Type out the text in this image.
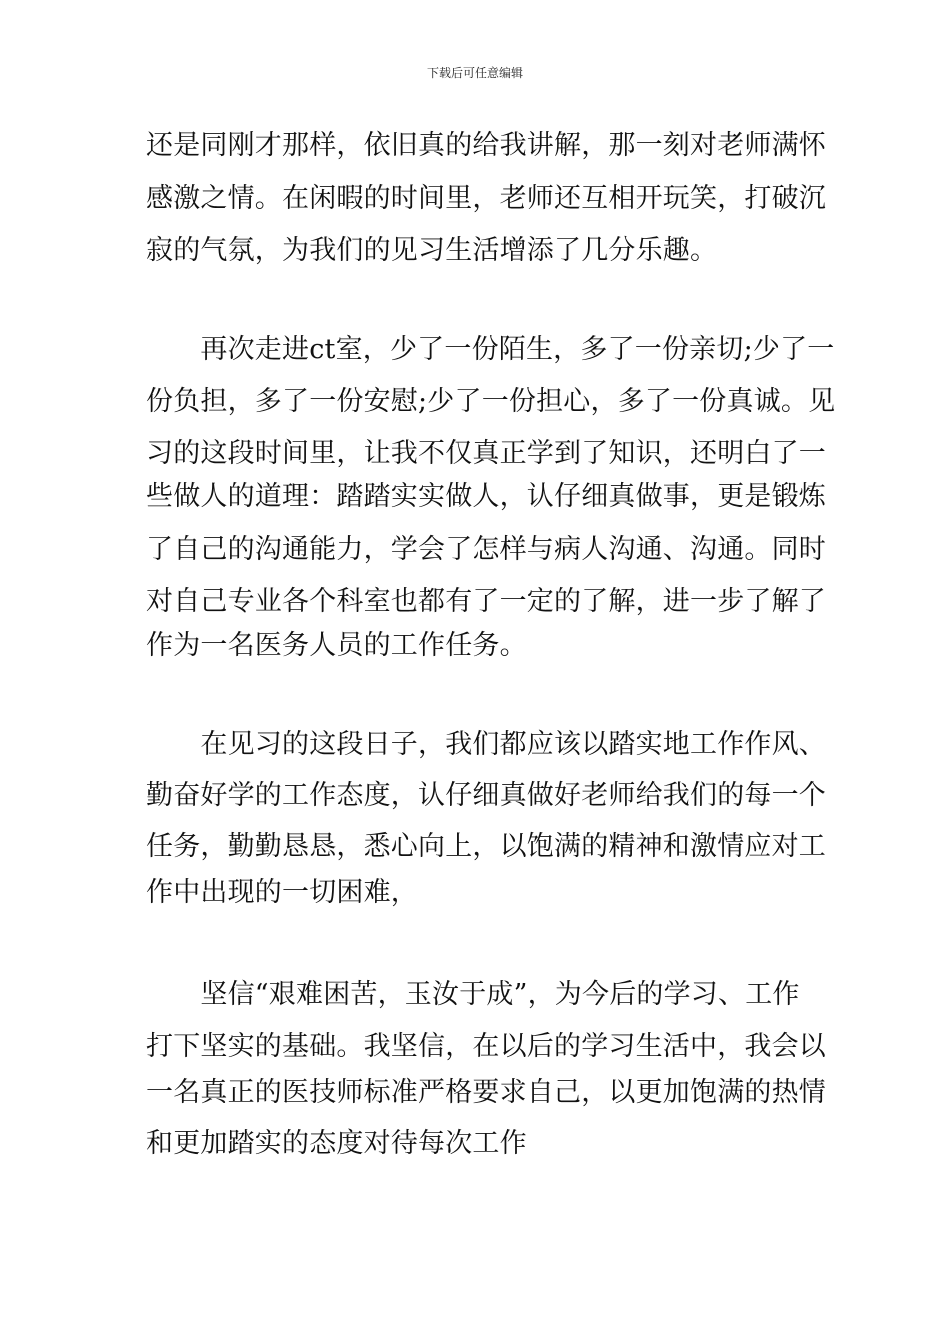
下载后可任意编辑

还是同刚才那样，依旧真的给我讲解，那一刻对老师满怀

感激之情。在闲暇的时间里，老师还互相开玩笑，打破沉

寂的气氛，为我们的见习生活增添了几分乐趣。

　　再次走进ct室，少了一份陌生，多了一份亲切;少了一

份负担，多了一份安慰;少了一份担心，多了一份真诚。见

习的这段时间里，让我不仅真正学到了知识，还明白了一

些做人的道理：踏踏实实做人，认仔细真做事，更是锻炼

了自己的沟通能力，学会了怎样与病人沟通、沟通。同时

对自己专业各个科室也都有了一定的了解，进一步了解了

作为一名医务人员的工作任务。

　　在见习的这段日子，我们都应该以踏实地工作作风、

勤奋好学的工作态度，认仔细真做好老师给我们的每一个

任务，勤勤恳恳，悉心向上，以饱满的精神和激情应对工

作中出现的一切困难，

　　坚信“艰难困苦，玉汝于成”，为今后的学习、工作

打下坚实的基础。我坚信，在以后的学习生活中，我会以

一名真正的医技师标准严格要求自己，以更加饱满的热情

和更加踏实的态度对待每次工作
